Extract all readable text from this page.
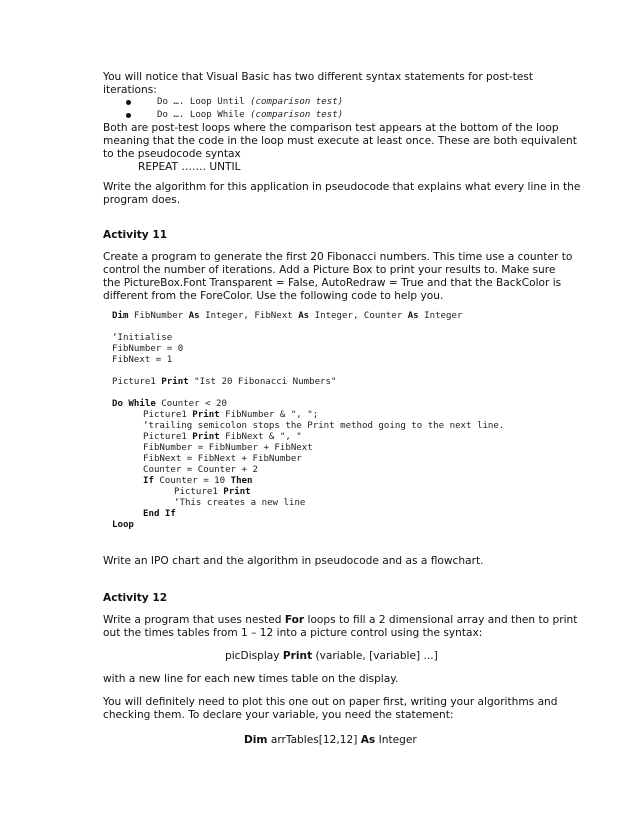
You will notice that Visual Basic has two different syntax statements for post-test
iterations:
Do …. Loop Until (comparison test)
Do …. Loop While (comparison test)
Both are post-test loops where the comparison test appears at the bottom of the loop
meaning that the code in the loop must execute at least once. These are both equivalent
to the pseudocode syntax
REPEAT ……. UNTIL
Write the algorithm for this application in pseudocode that explains what every line in the
program does.
Activity 11
Create a program to generate the first 20 Fibonacci numbers. This time use a counter to
control the number of iterations. Add a Picture Box to print your results to. Make sure
the PictureBox.Font Transparent = False, AutoRedraw = True and that the BackColor is
different from the ForeColor. Use the following code to help you.
Dim FibNumber As Integer, FibNext As Integer, Counter As Integer
‘Initialise
FibNumber = 0
FibNext = 1
Picture1 Print "Ist 20 Fibonacci Numbers"
Do While Counter < 20
Picture1 Print FibNumber & ", ";
‘trailing semicolon stops the Print method going to the next line.
Picture1 Print FibNext & ", "
FibNumber = FibNumber + FibNext
FibNext = FibNext + FibNumber
Counter = Counter + 2
If Counter = 10 Then
Picture1 Print
‘This creates a new line
End If
Loop
Write an IPO chart and the algorithm in pseudocode and as a flowchart.
Activity 12
Write a program that uses nested For loops to fill a 2 dimensional array and then to print
out the times tables from 1 – 12 into a picture control using the syntax:
picDisplay Print (variable, [variable] ...]
with a new line for each new times table on the display.
You will definitely need to plot this one out on paper first, writing your algorithms and
checking them. To declare your variable, you need the statement:
Dim arrTables[12,12] As Integer
